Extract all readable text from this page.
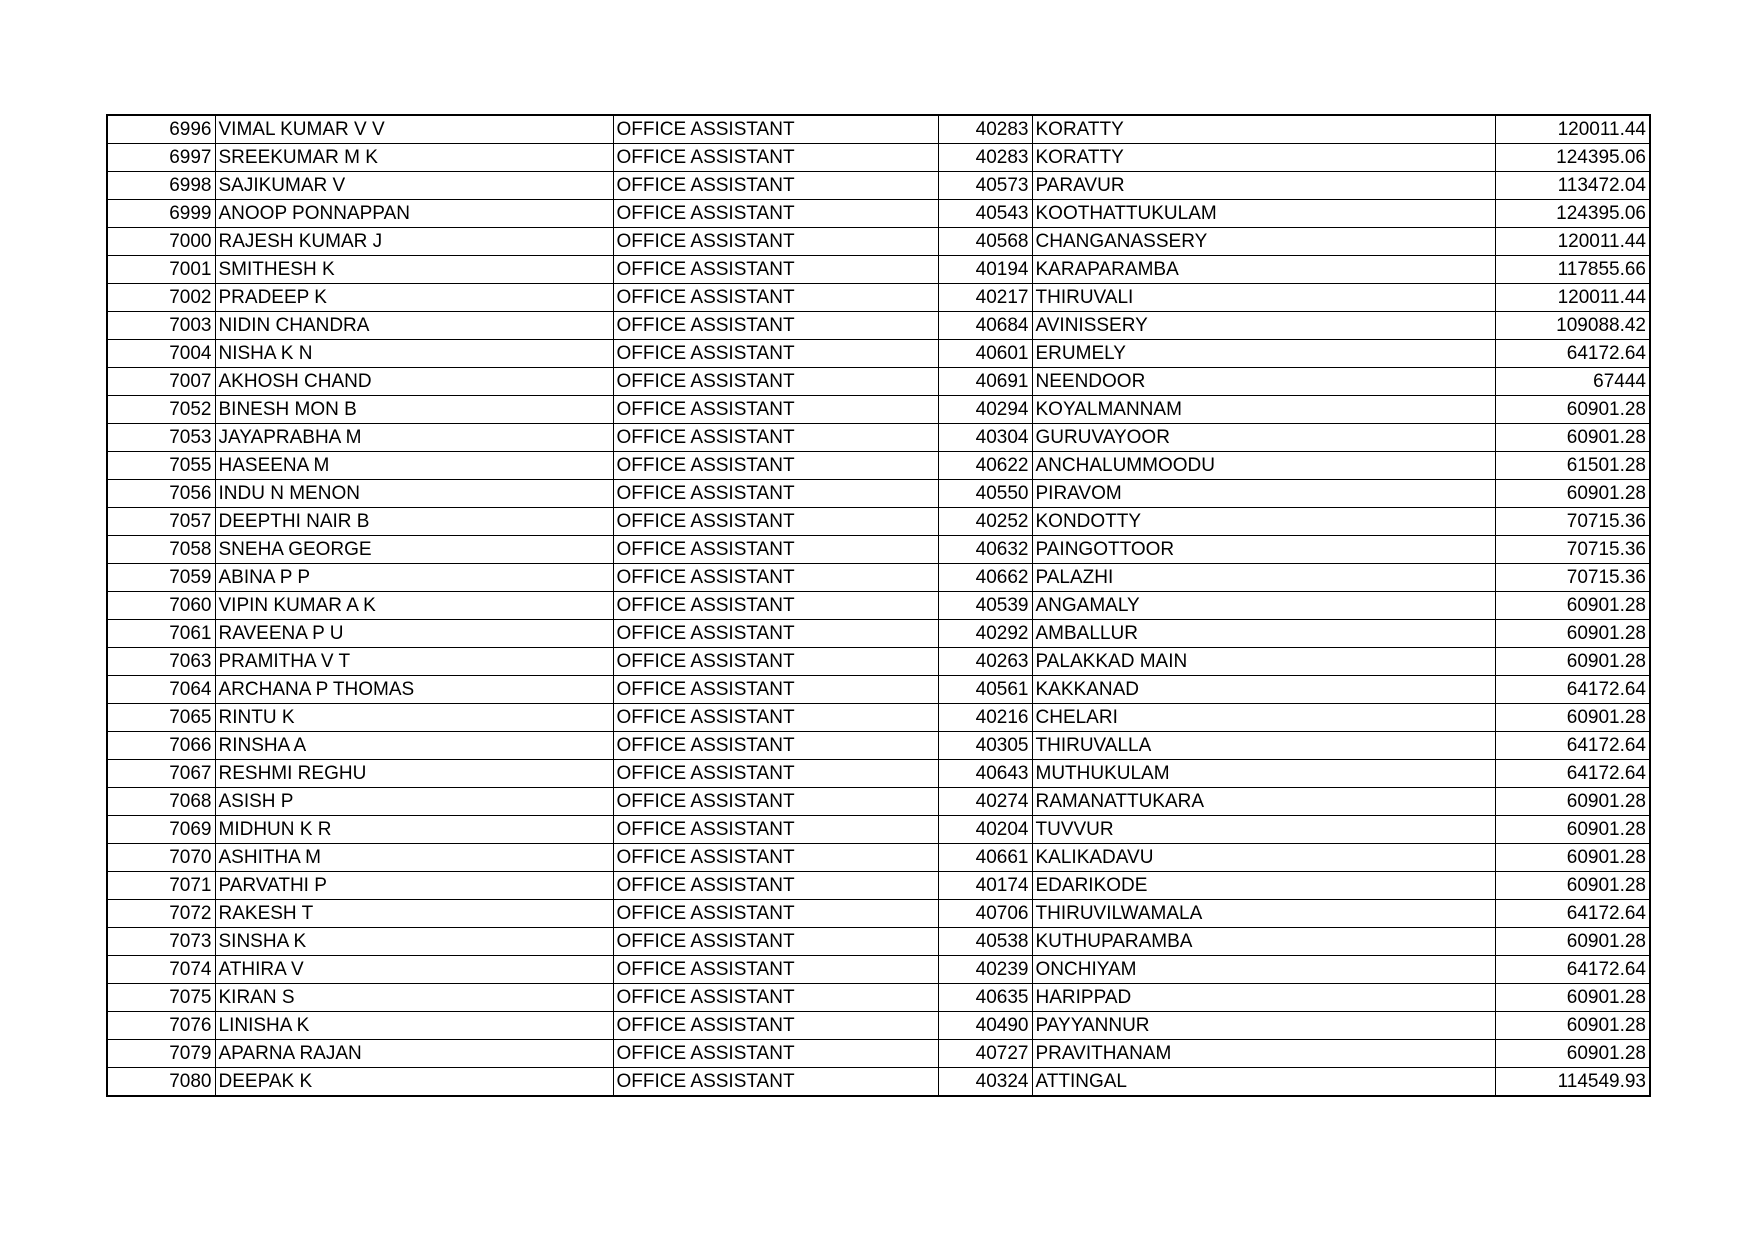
6996	VIMAL KUMAR V V	OFFICE ASSISTANT	40283	KORATTY	120011.44
6997	SREEKUMAR M K	OFFICE ASSISTANT	40283	KORATTY	124395.06
6998	SAJIKUMAR V	OFFICE ASSISTANT	40573	PARAVUR	113472.04
6999	ANOOP PONNAPPAN	OFFICE ASSISTANT	40543	KOOTHATTUKULAM	124395.06
7000	RAJESH KUMAR J	OFFICE ASSISTANT	40568	CHANGANASSERY	120011.44
7001	SMITHESH K	OFFICE ASSISTANT	40194	KARAPARAMBA	117855.66
7002	PRADEEP K	OFFICE ASSISTANT	40217	THIRUVALI	120011.44
7003	NIDIN CHANDRA	OFFICE ASSISTANT	40684	AVINISSERY	109088.42
7004	NISHA K N	OFFICE ASSISTANT	40601	ERUMELY	64172.64
7007	AKHOSH CHAND	OFFICE ASSISTANT	40691	NEENDOOR	67444
7052	BINESH MON B	OFFICE ASSISTANT	40294	KOYALMANNAM	60901.28
7053	JAYAPRABHA M	OFFICE ASSISTANT	40304	GURUVAYOOR	60901.28
7055	HASEENA M	OFFICE ASSISTANT	40622	ANCHALUMMOODU	61501.28
7056	INDU N MENON	OFFICE ASSISTANT	40550	PIRAVOM	60901.28
7057	DEEPTHI NAIR B	OFFICE ASSISTANT	40252	KONDOTTY	70715.36
7058	SNEHA GEORGE	OFFICE ASSISTANT	40632	PAINGOTTOOR	70715.36
7059	ABINA P P	OFFICE ASSISTANT	40662	PALAZHI	70715.36
7060	VIPIN KUMAR A K	OFFICE ASSISTANT	40539	ANGAMALY	60901.28
7061	RAVEENA P U	OFFICE ASSISTANT	40292	AMBALLUR	60901.28
7063	PRAMITHA V T	OFFICE ASSISTANT	40263	PALAKKAD MAIN	60901.28
7064	ARCHANA P THOMAS	OFFICE ASSISTANT	40561	KAKKANAD	64172.64
7065	RINTU K	OFFICE ASSISTANT	40216	CHELARI	60901.28
7066	RINSHA A	OFFICE ASSISTANT	40305	THIRUVALLA	64172.64
7067	RESHMI REGHU	OFFICE ASSISTANT	40643	MUTHUKULAM	64172.64
7068	ASISH P	OFFICE ASSISTANT	40274	RAMANATTUKARA	60901.28
7069	MIDHUN K R	OFFICE ASSISTANT	40204	TUVVUR	60901.28
7070	ASHITHA M	OFFICE ASSISTANT	40661	KALIKADAVU	60901.28
7071	PARVATHI P	OFFICE ASSISTANT	40174	EDARIKODE	60901.28
7072	RAKESH T	OFFICE ASSISTANT	40706	THIRUVILWAMALA	64172.64
7073	SINSHA K	OFFICE ASSISTANT	40538	KUTHUPARAMBA	60901.28
7074	ATHIRA V	OFFICE ASSISTANT	40239	ONCHIYAM	64172.64
7075	KIRAN S	OFFICE ASSISTANT	40635	HARIPPAD	60901.28
7076	LINISHA K	OFFICE ASSISTANT	40490	PAYYANNUR	60901.28
7079	APARNA RAJAN	OFFICE ASSISTANT	40727	PRAVITHANAM	60901.28
7080	DEEPAK K	OFFICE ASSISTANT	40324	ATTINGAL	114549.93
